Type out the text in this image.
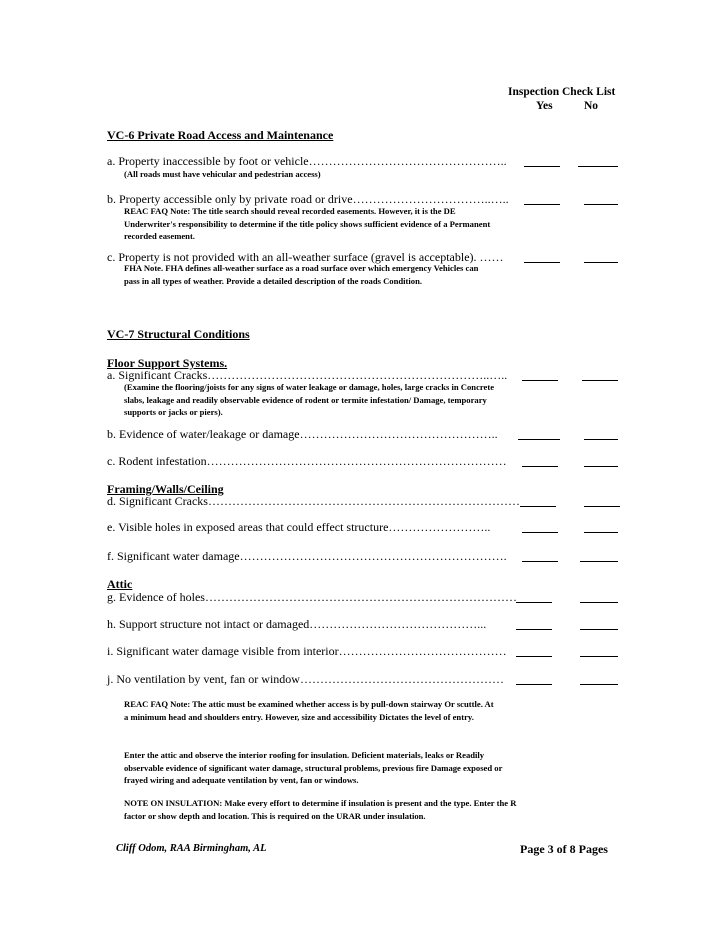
Inspection Check List
Yes	No
VC-6 Private Road Access and Maintenance
a. Property inaccessible by foot or vehicle…………………………………………..
(All roads must have vehicular and pedestrian access)
b. Property accessible only by private road or drive……………………………..…..
REAC FAQ Note: The title search should reveal recorded easements. However, it is the DE Underwriter's responsibility to determine if the title policy shows sufficient evidence of a Permanent recorded easement.
c. Property is not provided with an all-weather surface (gravel is acceptable). ……
FHA Note. FHA defines all-weather surface as a road surface over which emergency Vehicles can pass in all types of weather. Provide a detailed description of the roads Condition.
VC-7 Structural Conditions
Floor Support Systems.
a. Significant Cracks……………………………………………………………..…..
(Examine the flooring/joists for any signs of water leakage or damage, holes, large cracks in Concrete slabs, leakage and readily observable evidence of rodent or termite infestation/ Damage, temporary supports or jacks or piers).
b. Evidence of water/leakage or damage…………………………………………..
c. Rodent infestation…………………………………………………………………
Framing/Walls/Ceiling
d. Significant Cracks……………………………………………………………………
e. Visible holes in exposed areas that could effect structure……………………..
f. Significant water damage………………………………………………………….
Attic
g. Evidence of holes……………………………………………………………………
h. Support structure not intact or damaged……………………………………...
i. Significant water damage visible from interior……………………………………
j. No ventilation by vent, fan or window……………………………………………
REAC FAQ Note: The attic must be examined whether access is by pull-down stairway Or scuttle. At a minimum head and shoulders entry. However, size and accessibility Dictates the level of entry.
Enter the attic and observe the interior roofing for insulation. Deficient materials, leaks or Readily observable evidence of significant water damage, structural problems, previous fire Damage exposed or frayed wiring and adequate ventilation by vent, fan or windows.
NOTE ON INSULATION: Make every effort to determine if insulation is present and the type. Enter the R factor or show depth and location. This is required on the URAR under insulation.
Cliff Odom, RAA Birmingham, AL	Page 3 of 8 Pages
